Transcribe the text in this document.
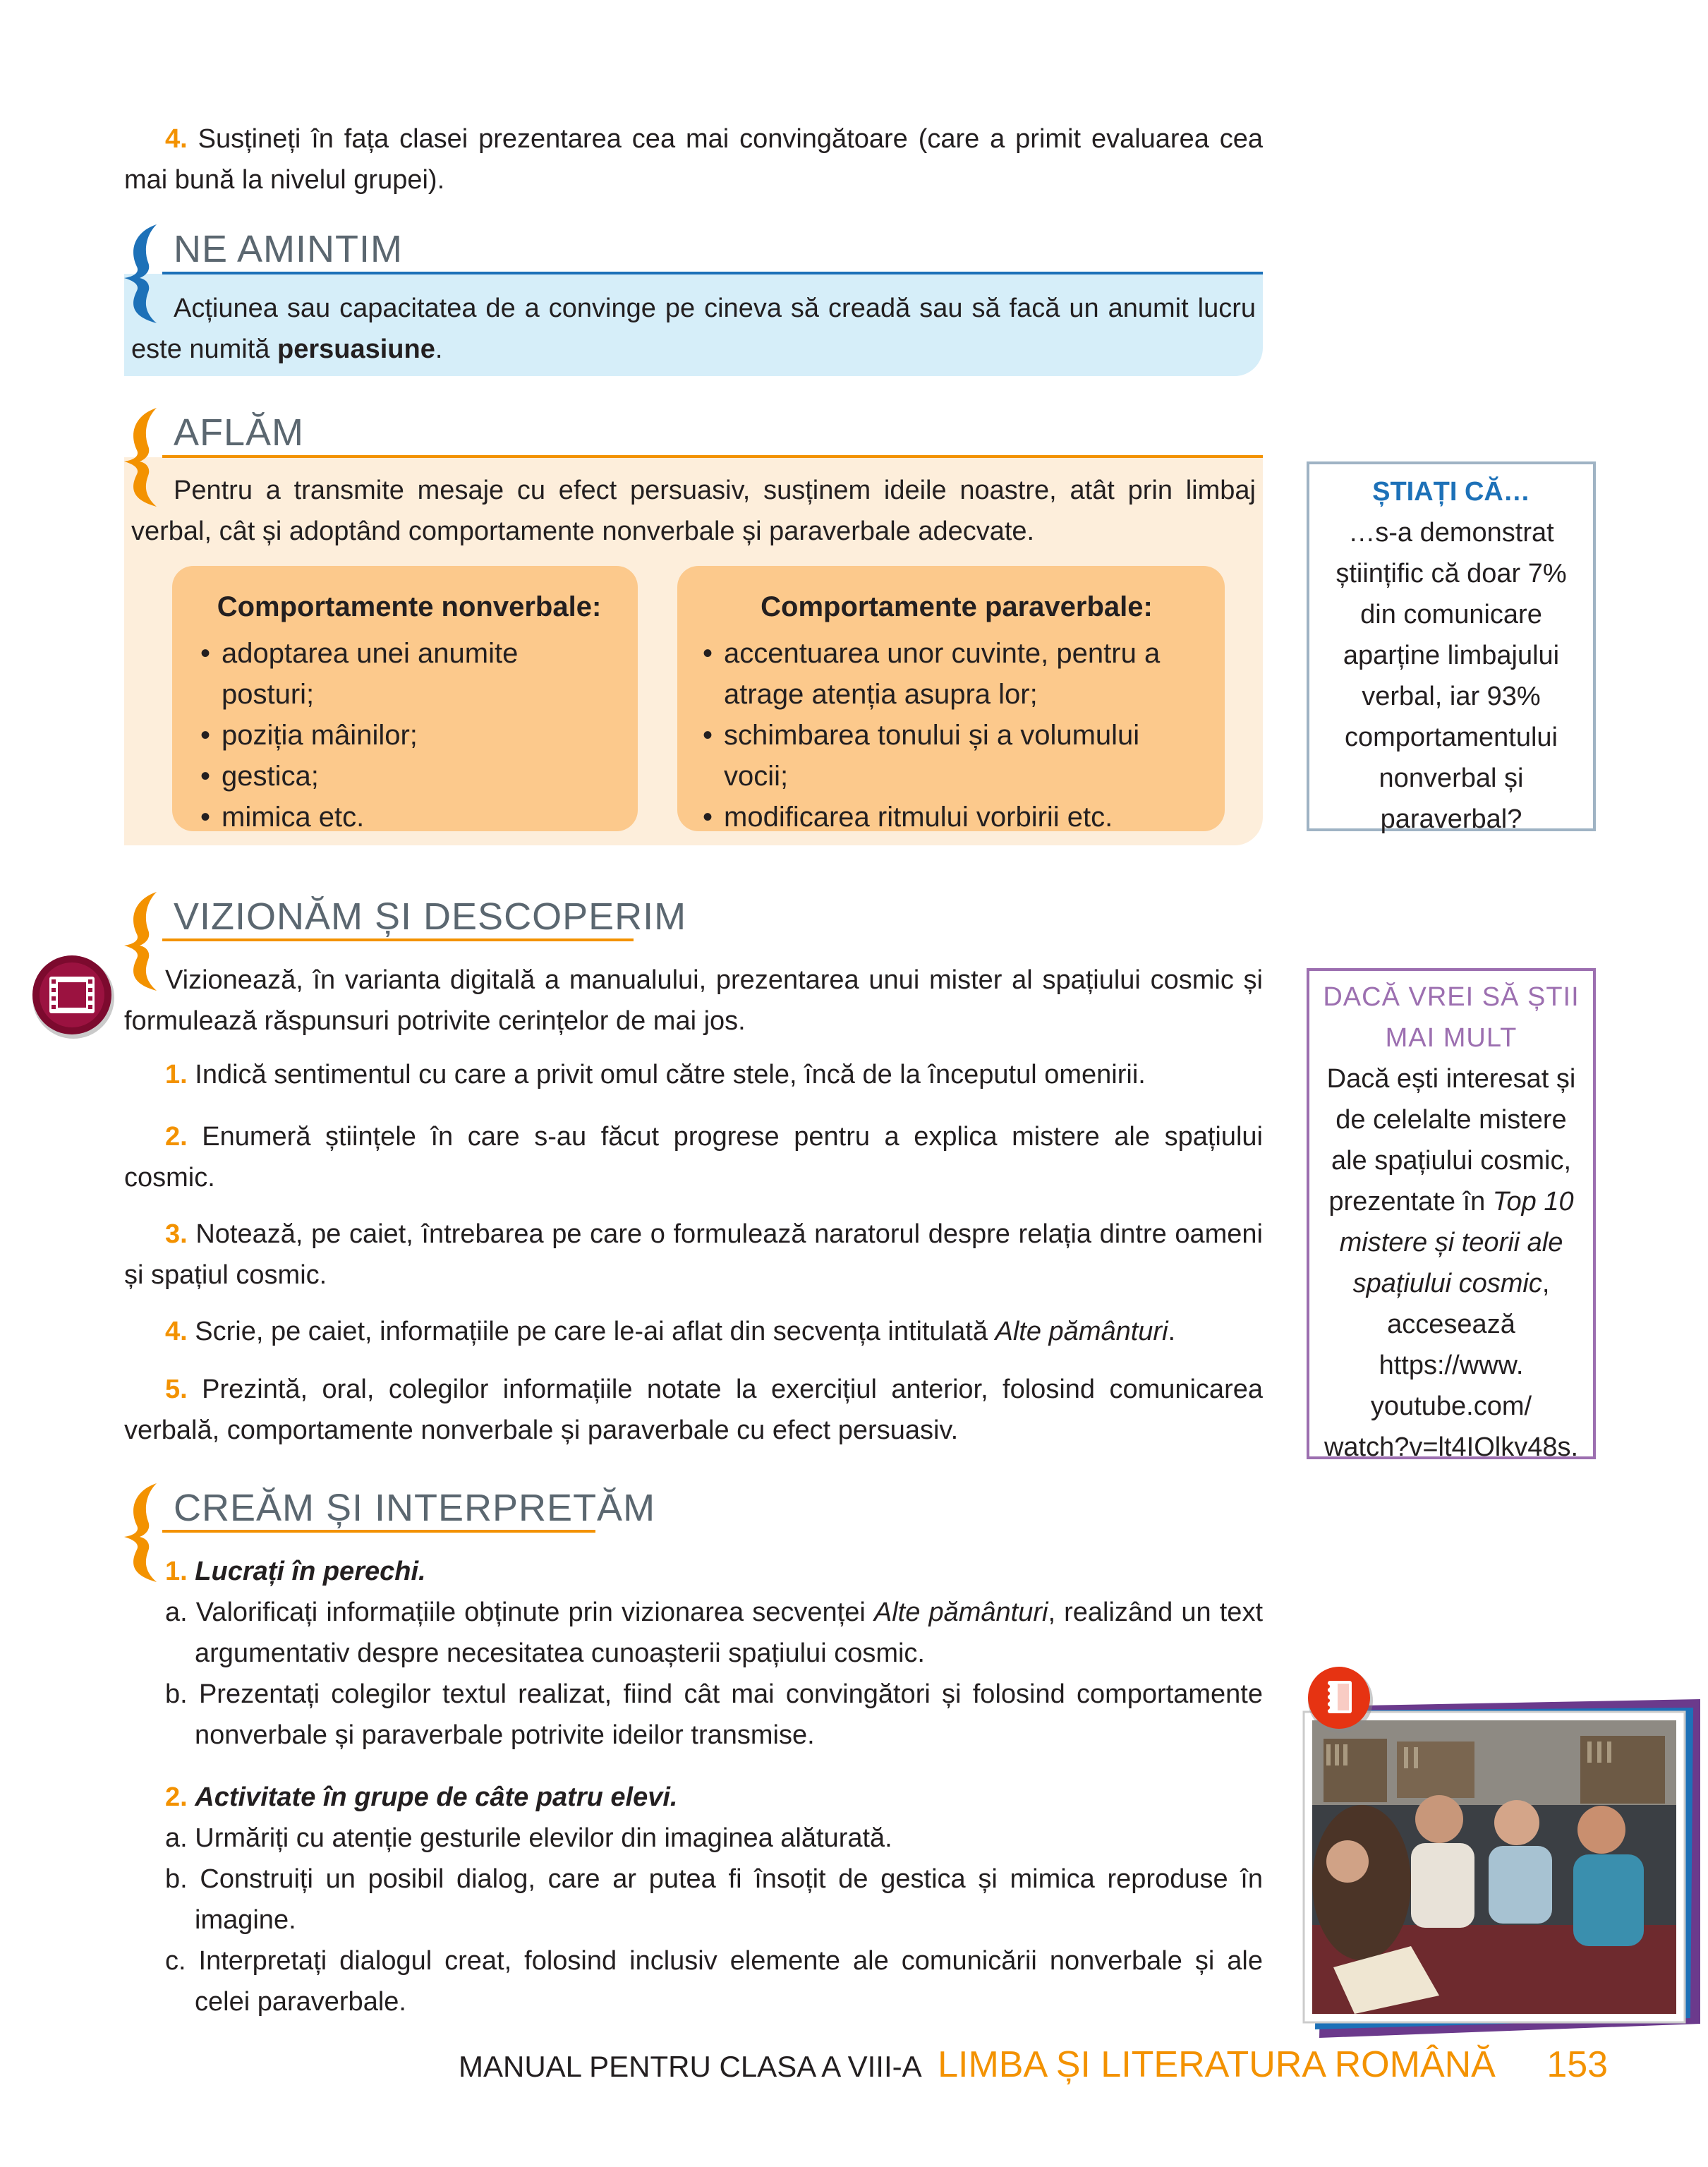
4. Susțineți în fața clasei prezentarea cea mai convingătoare (care a primit evaluarea cea mai bună la nivelul grupei).

NE AMINTIM

Acțiunea sau capacitatea de a convinge pe cineva să creadă sau să facă un anumit lucru este numită persuasiune.

AFLĂM

Pentru a transmite mesaje cu efect persuasiv, susținem ideile noastre, atât prin limbaj verbal, cât și adoptând comportamente nonverbale și paraverbale adecvate.

Comportamente nonverbale:

• adoptarea unei anumite posturi;
• poziția mâinilor;
• gestica;
• mimica etc.

Comportamente paraverbale:

• accentuarea unor cuvinte, pentru a atrage atenția asupra lor;
• schimbarea tonului și a volumului vocii;
• modificarea ritmului vorbirii etc.
ȘTIAȚI CĂ…
…s-a demonstrat științific că doar 7% din comunicare aparține limbajului verbal, iar 93% comportamentului nonverbal și paraverbal?
VIZIONĂM ȘI DESCOPERIM

Vizionează, în varianta digitală a manualului, prezentarea unui mister al spațiului cosmic și formulează răspunsuri potrivite cerințelor de mai jos.

1. Indică sentimentul cu care a privit omul către stele, încă de la începutul omenirii.

2. Enumeră științele în care s-au făcut progrese pentru a explica mistere ale spațiului cosmic.

3. Notează, pe caiet, întrebarea pe care o formulează naratorul despre relația dintre oameni și spațiul cosmic.

4. Scrie, pe caiet, informațiile pe care le-ai aflat din secvența intitulată Alte pământuri.

5. Prezintă, oral, colegilor informațiile notate la exercițiul anterior, folosind comunicarea verbală, comportamente nonverbale și paraverbale cu efect persuasiv.

DACĂ VREI SĂ ȘTII
MAI MULT
Dacă ești interesat și de celelalte mistere ale spațiului cosmic, prezentate în Top 10 mistere și teorii ale spațiului cosmic, accesează
https://www.
youtube.com/
watch?v=lt4IOlkv48s.
CREĂM ȘI INTERPRETĂM

1. Lucrați în perechi.

a. Valorificați informațiile obținute prin vizionarea secvenței Alte pământuri, realizând un text argumentativ despre necesitatea cunoașterii spațiului cosmic.

b. Prezentați colegilor textul realizat, fiind cât mai convingători și folosind comportamente nonverbale și paraverbale potrivite ideilor transmise.

2. Activitate în grupe de câte patru elevi.

a. Urmăriți cu atenție gesturile elevilor din imaginea alăturată.

b. Construiți un posibil dialog, care ar putea fi însoțit de gestica și mimica reproduse în imagine.

c. Interpretați dialogul creat, folosind inclusiv elemente ale comunicării nonverbale și ale celei paraverbale.

MANUAL PENTRU CLASA A VIII-A LIMBA ȘI LITERATURA ROMÂNĂ 153
